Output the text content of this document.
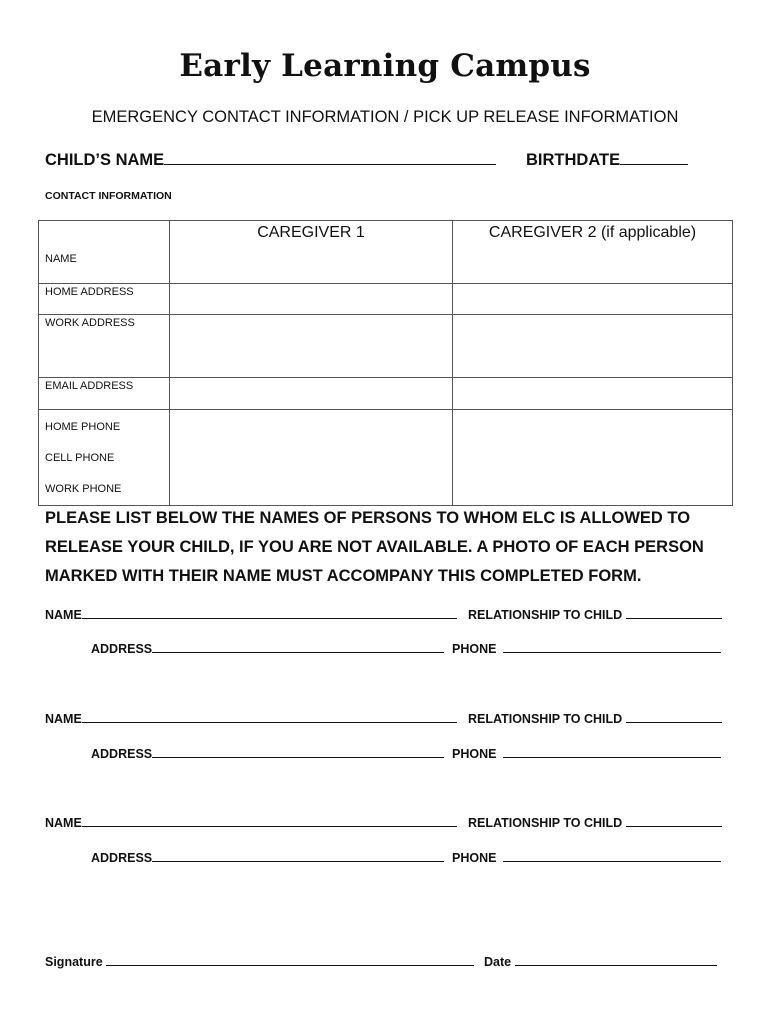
Early Learning Campus
EMERGENCY CONTACT INFORMATION / PICK UP RELEASE INFORMATION
CHILD’S NAME	BIRTHDATE
CONTACT INFORMATION
NAME	CAREGIVER 1	CAREGIVER 2 (if applicable)

HOME ADDRESS		

WORK ADDRESS		

EMAIL ADDRESS		

HOME PHONE
CELL PHONE
WORK PHONE		

PLEASE LIST BELOW THE NAMES OF PERSONS TO WHOM ELC IS ALLOWED TO
RELEASE YOUR CHILD, IF YOU ARE NOT AVAILABLE. A PHOTO OF EACH PERSON
MARKED WITH THEIR NAME MUST ACCOMPANY THIS COMPLETED FORM.
NAME	RELATIONSHIP TO CHILD
ADDRESS	PHONE
NAME	RELATIONSHIP TO CHILD
ADDRESS	PHONE
NAME	RELATIONSHIP TO CHILD
ADDRESS	PHONE
Signature	Date
